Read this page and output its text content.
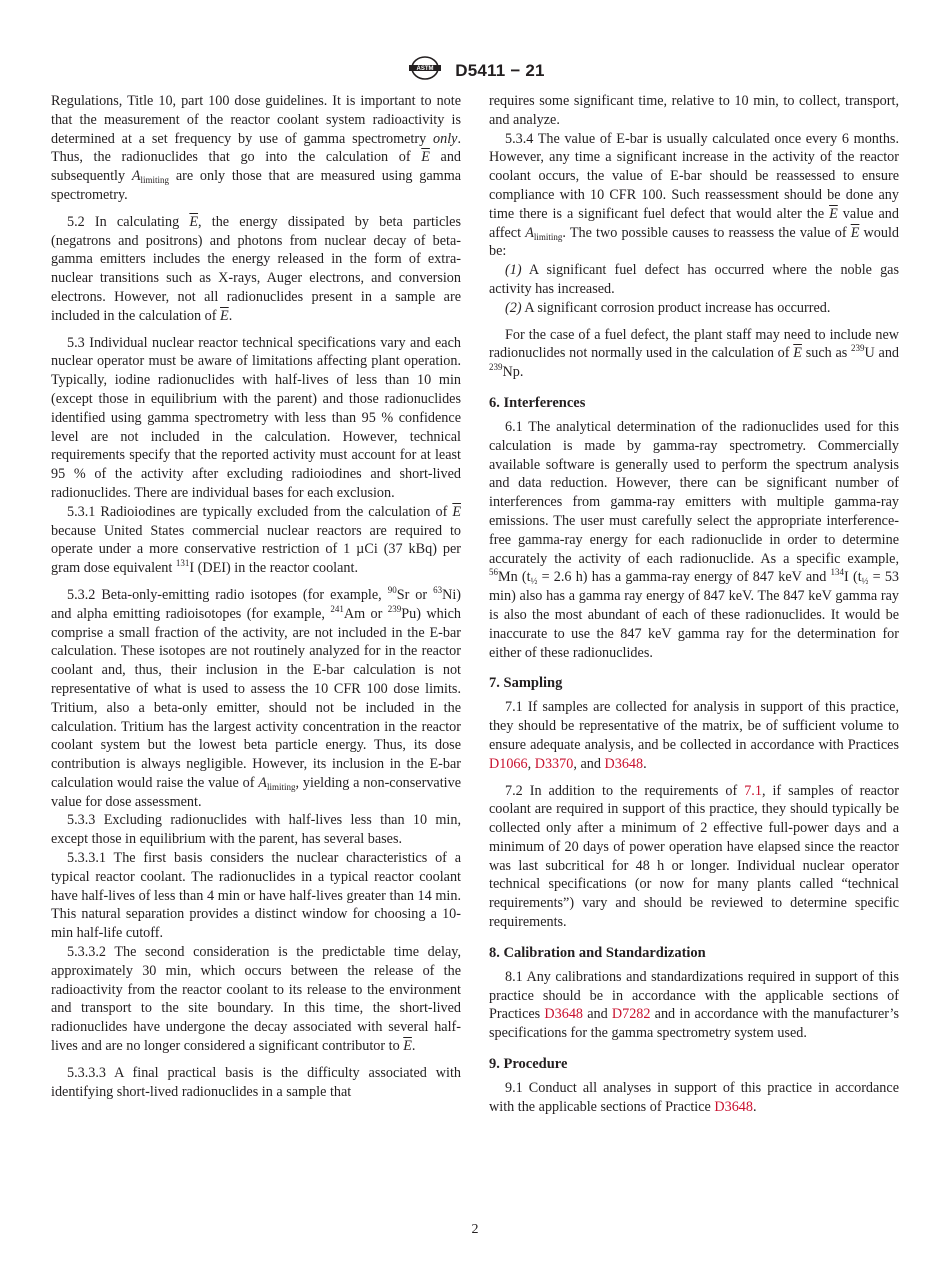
ASTM D5411 − 21

Regulations, Title 10, part 100 dose guidelines. It is important to note that the measurement of the reactor coolant system radioactivity is determined at a set frequency by use of gamma spectrometry only. Thus, the radionuclides that go into the calculation of $\overline{E}$ and subsequently $A_{limiting}$ are only those that are measured using gamma spectrometry.

5.2 In calculating $\overline{E}$, the energy dissipated by beta particles (negatrons and positrons) and photons from nuclear decay of beta-gamma emitters includes the energy released in the form of extra-nuclear transitions such as X-rays, Auger electrons, and conversion electrons. However, not all radionuclides present in a sample are included in the calculation of $\overline{E}$.

5.3 Individual nuclear reactor technical specifications vary and each nuclear operator must be aware of limitations affecting plant operation. Typically, iodine radionuclides with half-lives of less than 10 min (except those in equilibrium with the parent) and those radionuclides identified using gamma spectrometry with less than 95 % confidence level are not included in the calculation. However, technical requirements specify that the reported activity must account for at least 95 % of the activity after excluding radioiodines and short-lived radionuclides. There are individual bases for each exclusion.

5.3.1 Radioiodines are typically excluded from the calculation of $\overline{E}$ because United States commercial nuclear reactors are required to operate under a more conservative restriction of 1 µCi (37 kBq) per gram dose equivalent $^{131}$I (DEI) in the reactor coolant.

5.3.2 Beta-only-emitting radio isotopes (for example, $^{90}$Sr or $^{63}$Ni) and alpha emitting radioisotopes (for example, $^{241}$Am or $^{239}$Pu) which comprise a small fraction of the activity, are not included in the E-bar calculation. These isotopes are not routinely analyzed for in the reactor coolant and, thus, their inclusion in the E-bar calculation is not representative of what is used to assess the 10 CFR 100 dose limits. Tritium, also a beta-only emitter, should not be included in the calculation. Tritium has the largest activity concentration in the reactor coolant system but the lowest beta particle energy. Thus, its dose contribution is always negligible. However, its inclusion in the E-bar calculation would raise the value of $A_{limiting}$, yielding a non-conservative value for dose assessment.

5.3.3 Excluding radionuclides with half-lives less than 10 min, except those in equilibrium with the parent, has several bases.

5.3.3.1 The first basis considers the nuclear characteristics of a typical reactor coolant. The radionuclides in a typical reactor coolant have half-lives of less than 4 min or have half-lives greater than 14 min. This natural separation provides a distinct window for choosing a 10-min half-life cutoff.

5.3.3.2 The second consideration is the predictable time delay, approximately 30 min, which occurs between the release of the radioactivity from the reactor coolant to its release to the environment and transport to the site boundary. In this time, the short-lived radionuclides have undergone the decay associated with several half-lives and are no longer considered a significant contributor to $\overline{E}$.

5.3.3.3 A final practical basis is the difficulty associated with identifying short-lived radionuclides in a sample that

requires some significant time, relative to 10 min, to collect, transport, and analyze.

5.3.4 The value of E-bar is usually calculated once every 6 months. However, any time a significant increase in the activity of the reactor coolant occurs, the value of E-bar should be reassessed to ensure compliance with 10 CFR 100. Such reassessment should be done any time there is a significant fuel defect that would alter the $\overline{E}$ value and affect $A_{limiting}$. The two possible causes to reassess the value of $\overline{E}$ would be:

(1) A significant fuel defect has occurred where the noble gas activity has increased.

(2) A significant corrosion product increase has occurred.

For the case of a fuel defect, the plant staff may need to include new radionuclides not normally used in the calculation of $\overline{E}$ such as $^{239}$U and $^{239}$Np.

6. Interferences

6.1 The analytical determination of the radionuclides used for this calculation is made by gamma-ray spectrometry. Commercially available software is generally used to perform the spectrum analysis and data reduction. However, there can be significant number of interferences from gamma-ray emitters with multiple gamma-ray emissions. The user must carefully select the appropriate interference-free gamma-ray energy for each radionuclide in order to determine accurately the activity of each radionuclide. As a specific example, $^{56}$Mn ($t_{\frac{1}{2}} = 2.6$ h) has a gamma-ray energy of 847 keV and $^{134}$I ($t_{\frac{1}{2}} = 53$ min) also has a gamma ray energy of 847 keV. The 847 keV gamma ray is also the most abundant of each of these radionuclides. It would be inaccurate to use the 847 keV gamma ray for the determination for either of these radionuclides.

7. Sampling

7.1 If samples are collected for analysis in support of this practice, they should be representative of the matrix, be of sufficient volume to ensure adequate analysis, and be collected in accordance with Practices D1066, D3370, and D3648.

7.2 In addition to the requirements of 7.1, if samples of reactor coolant are required in support of this practice, they should typically be collected only after a minimum of 2 effective full-power days and a minimum of 20 days of power operation have elapsed since the reactor was last subcritical for 48 h or longer. Individual nuclear operator technical specifications (or now for many plants called “technical requirements”) vary and should be reviewed to determine specific requirements.

8. Calibration and Standardization

8.1 Any calibrations and standardizations required in support of this practice should be in accordance with the applicable sections of Practices D3648 and D7282 and in accordance with the manufacturer’s specifications for the gamma spectrometry system used.

9. Procedure

9.1 Conduct all analyses in support of this practice in accordance with the applicable sections of Practice D3648.

2
